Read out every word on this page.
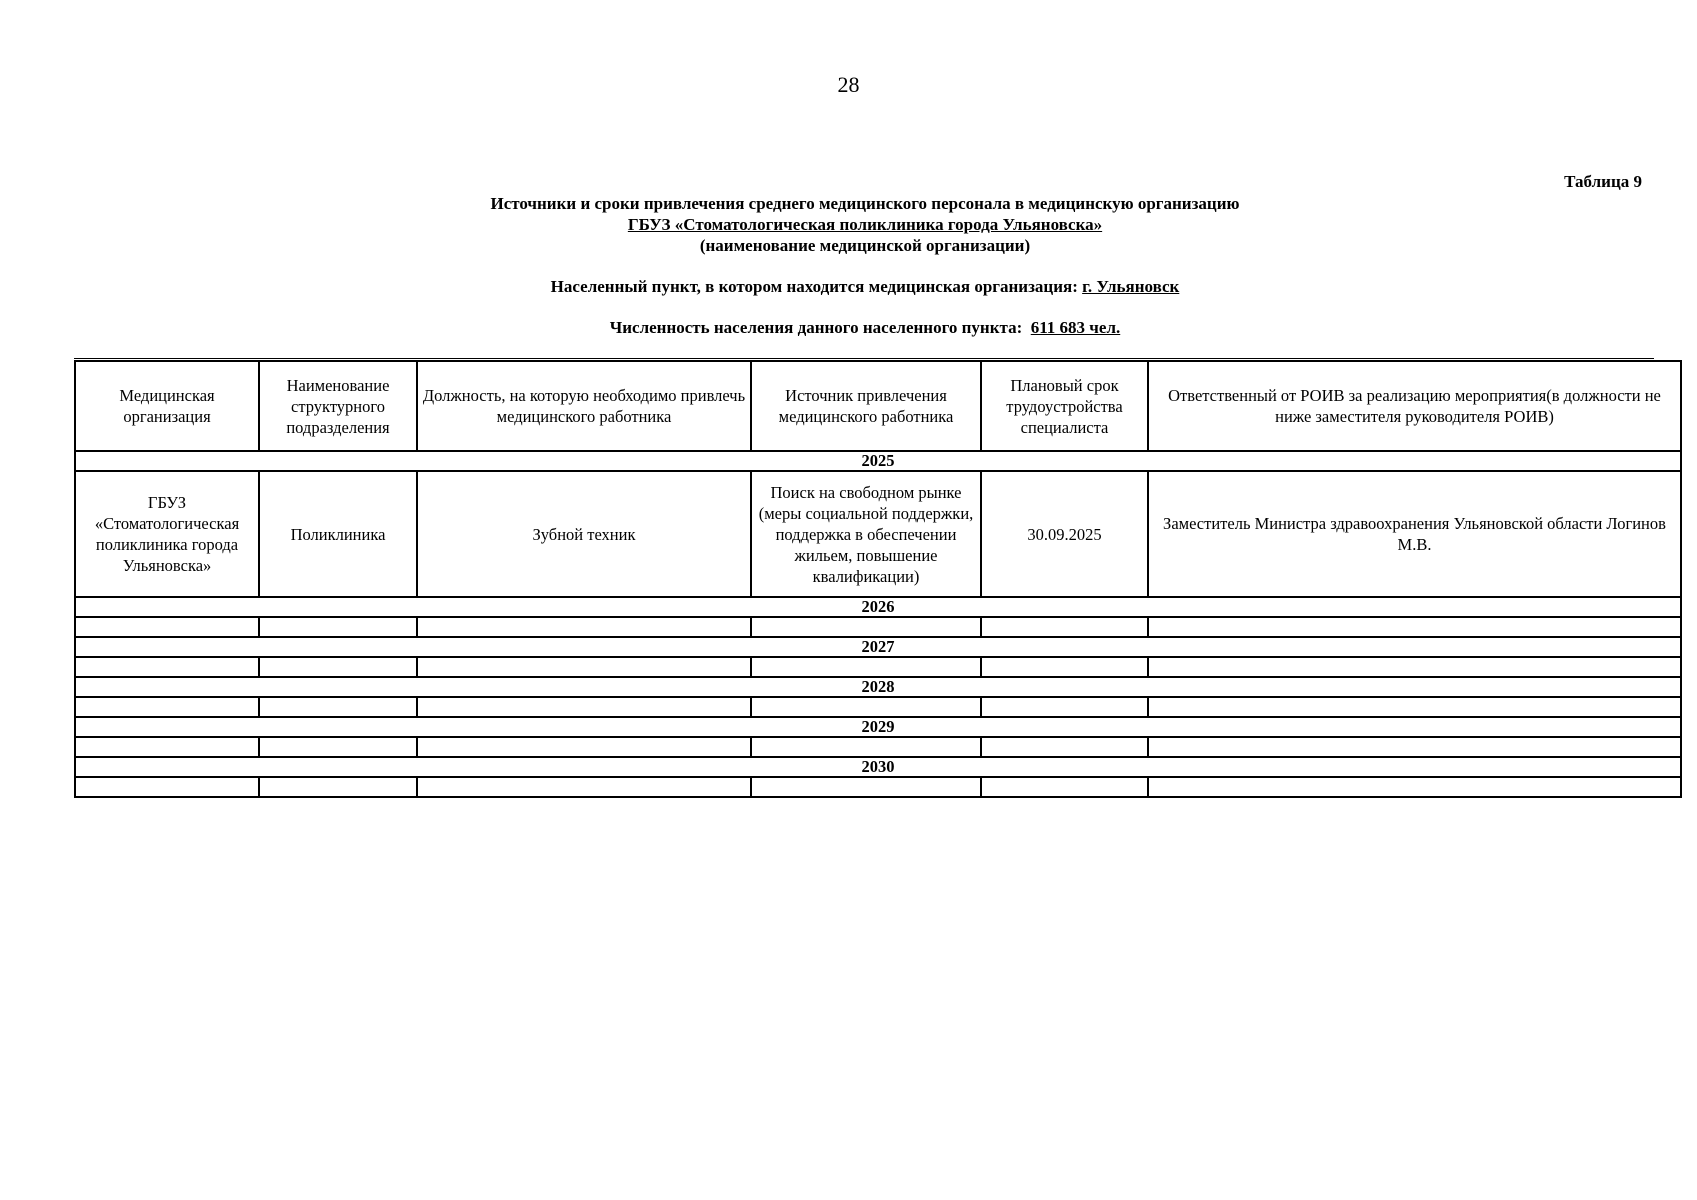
28
Таблица 9
Источники и сроки привлечения среднего медицинского персонала в медицинскую организацию
ГБУЗ «Стоматологическая поликлиника города Ульяновска»
(наименование медицинской организации)
Населенный пункт, в котором находится медицинская организация: г. Ульяновск
Численность населения данного населенного пункта: 611 683 чел.
Медицинская организация	Наименование структурного подразделения	Должность, на которую необходимо привлечь медицинского работника	Источник привлечения медицинского работника	Плановый срок трудоустройства специалиста	Ответственный от РОИВ за реализацию мероприятия(в должности не ниже заместителя руководителя РОИВ)
2025					
ГБУЗ «Стоматологическая поликлиника города Ульяновска»	Поликлиника	Зубной техник	Поиск на свободном рынке (меры социальной поддержки, поддержка в обеспечении жильем, повышение квалификации)	30.09.2025	Заместитель Министра здравоохранения Ульяновской области Логинов М.В.
2026					

2027					

2028					

2029					

2030					
